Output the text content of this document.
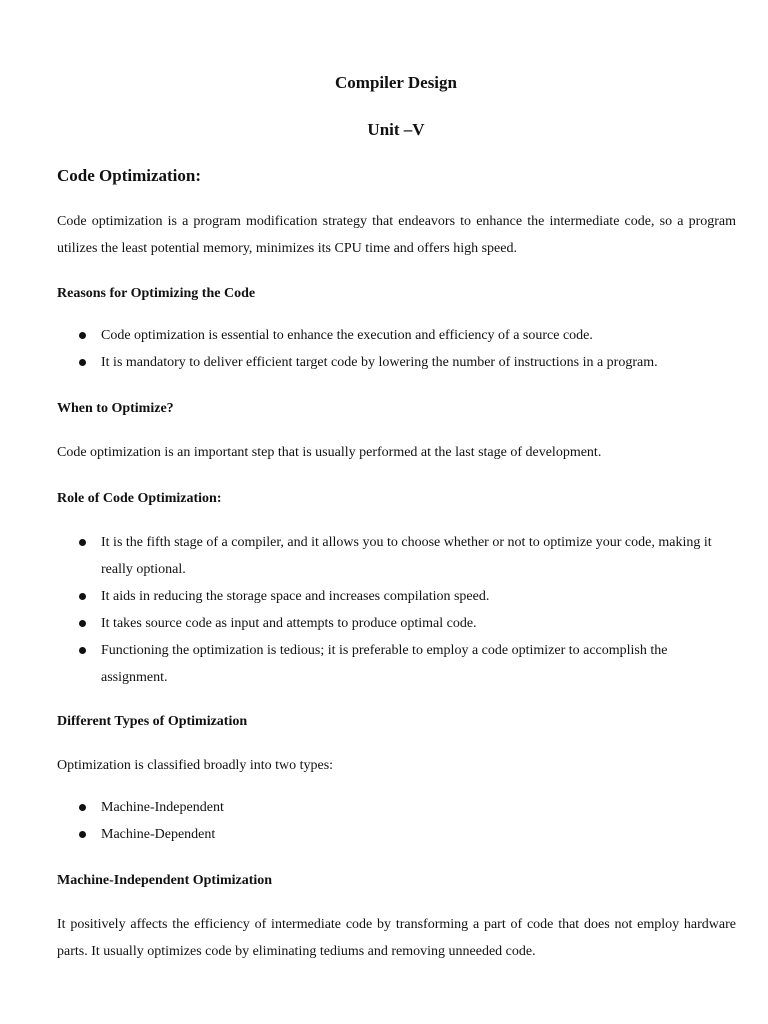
Compiler Design
Unit –V
Code Optimization:
Code optimization is a program modification strategy that endeavors to enhance the intermediate code, so a program utilizes the least potential memory, minimizes its CPU time and offers high speed.
Reasons for Optimizing the Code
Code optimization is essential to enhance the execution and efficiency of a source code.
It is mandatory to deliver efficient target code by lowering the number of instructions in a program.
When to Optimize?
Code optimization is an important step that is usually performed at the last stage of development.
Role of Code Optimization:
It is the fifth stage of a compiler, and it allows you to choose whether or not to optimize your code, making it really optional.
It aids in reducing the storage space and increases compilation speed.
It takes source code as input and attempts to produce optimal code.
Functioning the optimization is tedious; it is preferable to employ a code optimizer to accomplish the assignment.
Different Types of Optimization
Optimization is classified broadly into two types:
Machine-Independent
Machine-Dependent
Machine-Independent Optimization
It positively affects the efficiency of intermediate code by transforming a part of code that does not employ hardware parts. It usually optimizes code by eliminating tediums and removing unneeded code.
